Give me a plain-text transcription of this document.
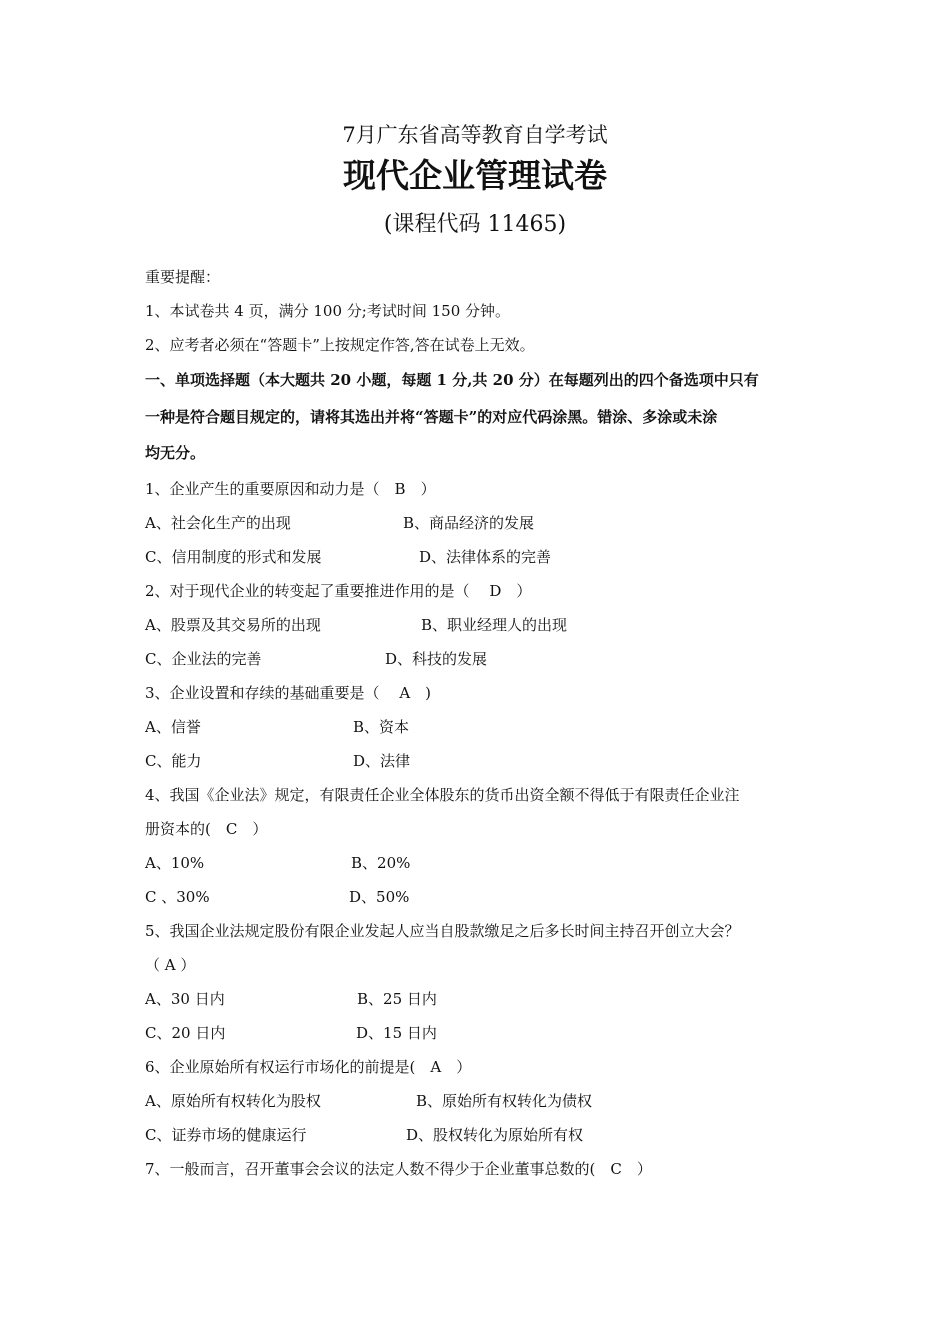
7月广东省高等教育自学考试
现代企业管理试卷
(课程代码 11465)
重要提醒：
1、本试卷共 4 页，满分 100 分;考试时间 150 分钟。
2、应考者必须在“答题卡”上按规定作答,答在试卷上无效。
一、单项选择题（本大题共 20 小题，每题 1 分,共 20 分）在每题列出的四个备选项中只有
一种是符合题目规定的，请将其选出并将“答题卡”的对应代码涂黑。错涂、多涂或未涂
均无分。
1、企业产生的重要原因和动力是（　B　）
A、社会化生产的出现	B、商品经济的发展
C、信用制度的形式和发展	D、法律体系的完善
2、对于现代企业的转变起了重要推进作用的是（　 D　）
A、股票及其交易所的出现	B、职业经理人的出现
C、企业法的完善	D、科技的发展
3、企业设置和存续的基础重要是（　 A　)
A、信誉	B、资本
C、能力	D、法律
4、我国《企业法》规定，有限责任企业全体股东的货币出资全额不得低于有限责任企业注
册资本的(　C　）
A、10%	B、20%
C 、30%	D、50%
5、我国企业法规定股份有限企业发起人应当自股款缴足之后多长时间主持召开创立大会？
（ A ）
A、30 日内	B、25 日内
C、20 日内	D、15 日内
6、企业原始所有权运行市场化的前提是(　A　）
A、原始所有权转化为股权	B、原始所有权转化为债权
C、证券市场的健康运行	D、股权转化为原始所有权
7、一般而言，召开董事会会议的法定人数不得少于企业董事总数的(　C　）
